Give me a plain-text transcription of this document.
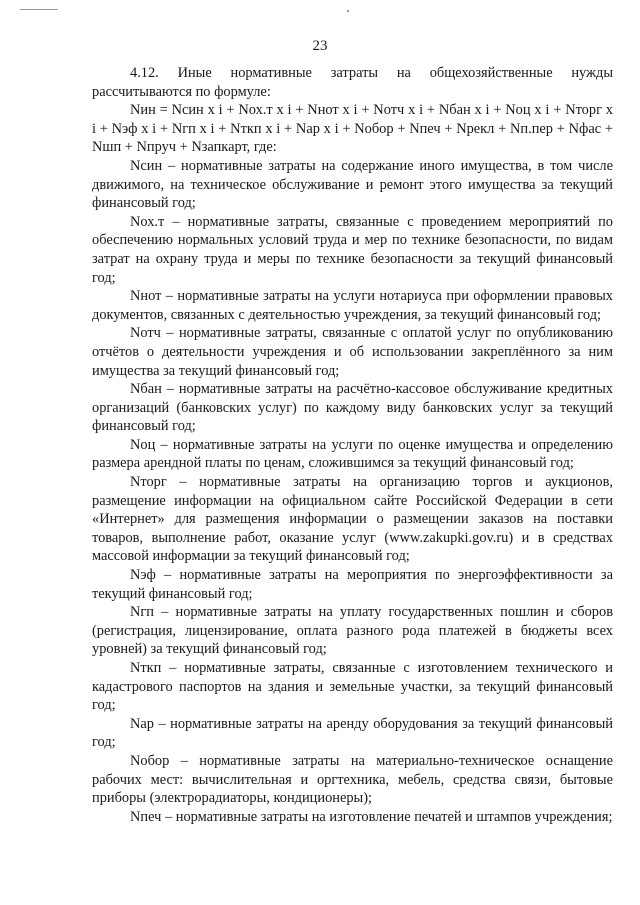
23

4.12. Иные нормативные затраты на общехозяйственные нужды рассчитываются по формуле:

Nин = Nсин х i + Nох.т х i + Nнот х i + Nотч х i + Nбан х i + Nоц х i + Nторг х i + Nэф х i + Nгп х i + Nткп х i + Nар х i + Nобор + Nпеч + Nрекл + Nп.пер + Nфас + Nшп + Nпруч + Nзапкарт, где:

Nсин – нормативные затраты на содержание иного имущества, в том числе движимого, на техническое обслуживание и ремонт этого имущества за текущий финансовый год;

Nох.т – нормативные затраты, связанные с проведением мероприятий по обеспечению нормальных условий труда и мер по технике безопасности, по видам затрат на охрану труда и меры по технике безопасности за текущий финансовый год;

Nнот – нормативные затраты на услуги нотариуса при оформлении правовых документов, связанных с деятельностью учреждения, за текущий финансовый год;

Nотч – нормативные затраты, связанные с оплатой услуг по опубликованию отчётов о деятельности учреждения и об использовании закреплённого за ним имущества за текущий финансовый год;

Nбан – нормативные затраты на расчётно-кассовое обслуживание кредитных организаций (банковских услуг) по каждому виду банковских услуг за текущий финансовый год;

Nоц – нормативные затраты на услуги по оценке имущества и определению размера арендной платы по ценам, сложившимся за текущий финансовый год;

Nторг – нормативные затраты на организацию торгов и аукционов, размещение информации на официальном сайте Российской Федерации в сети «Интернет» для размещения информации о размещении заказов на поставки товаров, выполнение работ, оказание услуг (www.zakupki.gov.ru) и в средствах массовой информации за текущий финансовый год;

Nэф – нормативные затраты на мероприятия по энергоэффективности за текущий финансовый год;

Nгп – нормативные затраты на уплату государственных пошлин и сборов (регистрация, лицензирование, оплата разного рода платежей в бюджеты всех уровней) за текущий финансовый год;

Nткп – нормативные затраты, связанные с изготовлением технического и кадастрового паспортов на здания и земельные участки, за текущий финансовый год;

Nар – нормативные затраты на аренду оборудования за текущий финансовый год;

Nобор – нормативные затраты на материально-техническое оснащение рабочих мест: вычислительная и оргтехника, мебель, средства связи, бытовые приборы (электрорадиаторы, кондиционеры);

Nпеч – нормативные затраты на изготовление печатей и штампов учреждения;
